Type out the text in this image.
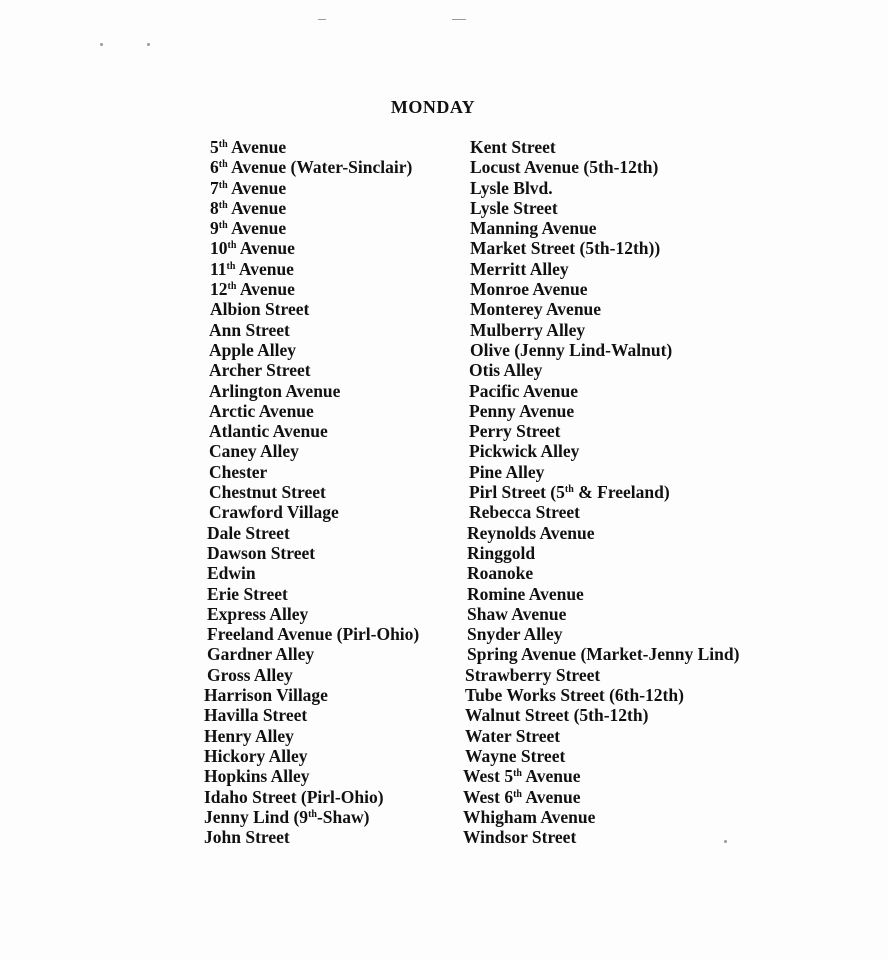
MONDAY
5th Avenue
6th Avenue (Water-Sinclair)
7th Avenue
8th Avenue
9th Avenue
10th Avenue
11th Avenue
12th Avenue
Albion Street
Ann Street
Apple Alley
Archer Street
Arlington Avenue
Arctic Avenue
Atlantic Avenue
Caney Alley
Chester
Chestnut Street
Crawford Village
Dale Street
Dawson Street
Edwin
Erie Street
Express Alley
Freeland Avenue (Pirl-Ohio)
Gardner Alley
Gross Alley
Harrison Village
Havilla Street
Henry Alley
Hickory Alley
Hopkins Alley
Idaho Street (Pirl-Ohio)
Jenny Lind (9th-Shaw)
John Street
Kent Street
Locust Avenue (5th-12th)
Lysle Blvd.
Lysle Street
Manning Avenue
Market Street (5th-12th))
Merritt Alley
Monroe Avenue
Monterey Avenue
Mulberry Alley
Olive (Jenny Lind-Walnut)
Otis Alley
Pacific Avenue
Penny Avenue
Perry Street
Pickwick Alley
Pine Alley
Pirl Street (5th & Freeland)
Rebecca Street
Reynolds Avenue
Ringgold
Roanoke
Romine Avenue
Shaw Avenue
Snyder Alley
Spring Avenue (Market-Jenny Lind)
Strawberry Street
Tube Works Street (6th-12th)
Walnut Street (5th-12th)
Water Street
Wayne Street
West 5th Avenue
West 6th Avenue
Whigham Avenue
Windsor Street
